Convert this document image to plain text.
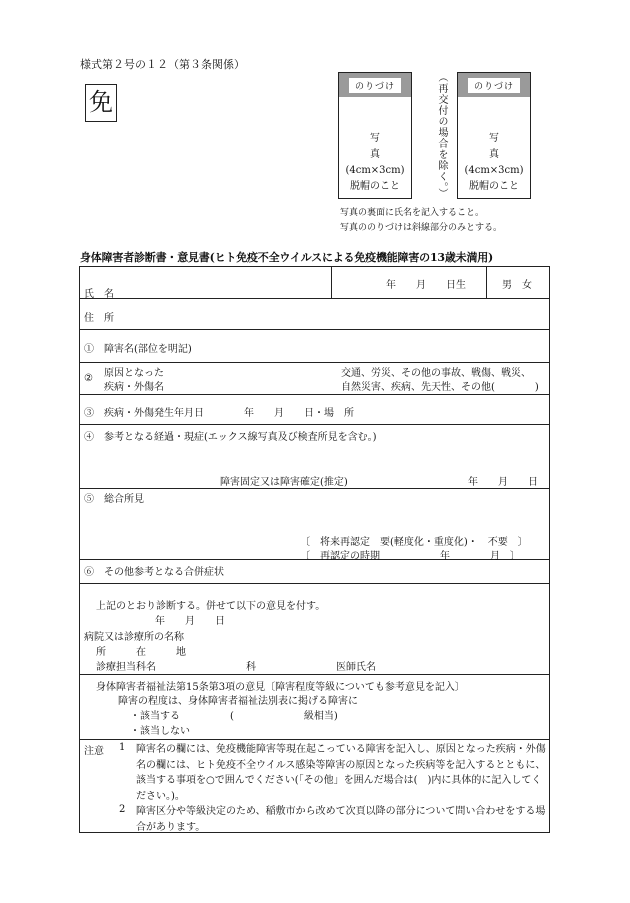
様式第２号の１２（第３条関係）
免
のりづけ
写真
(4cm×3cm)
脱帽のこと	（再交付の場合を除く。）	のりづけ
写真
(4cm×3cm)
脱帽のこと
写真の裏面に氏名を記入すること。
写真ののりづけは斜線部分のみとする。
身体障害者診断書・意見書(ヒト免疫不全ウイルスによる免疫機能障害の13歳未満用)
氏　名
年　　月　　日生	男　女
住　所
①　障害名(部位を明記)
② 原因となった
疾病・外傷名
交通、労災、その他の事故、戦傷、戦災、
自然災害、疾病、先天性、その他(　　　　)
③　疾病・外傷発生年月日　　　　年　　月　　日・場　所
④　参考となる経過・現症(エックス線写真及び検査所見を含む。)
障害固定又は障害確定(推定)	年　　月　　日
⑤　総合所見
〔　将来再認定　要(軽度化・重度化)・　不要　〕
〔　再認定の時期　　　　　　年　　　　月　〕
⑥　その他参考となる合併症状
上記のとおり診断する。併せて以下の意見を付す。
年　　月　　日
病院又は診療所の名称
所　　　在　　　地
診療担当科名　　　　　　　　　科　　　　　　　　医師氏名
身体障害者福祉法第15条第3項の意見〔障害程度等級についても参考意見を記入〕
障害の程度は、身体障害者福祉法別表に掲げる障害に
・該当する　　　　　(　　　　　　　級相当)
・該当しない
注意 1 障害名の欄には、免疫機能障害等現在起こっている障害を記入し、原因となった疾病・外傷名の欄には、ヒト免疫不全ウイルス感染等障害の原因となった疾病等を記入するとともに、該当する事項を○で囲んでください(「その他」を囲んだ場合は(　)内に具体的に記入してください。)。
2 障害区分や等級決定のため、稲敷市から改めて次頁以降の部分について問い合わせをする場合があります。
